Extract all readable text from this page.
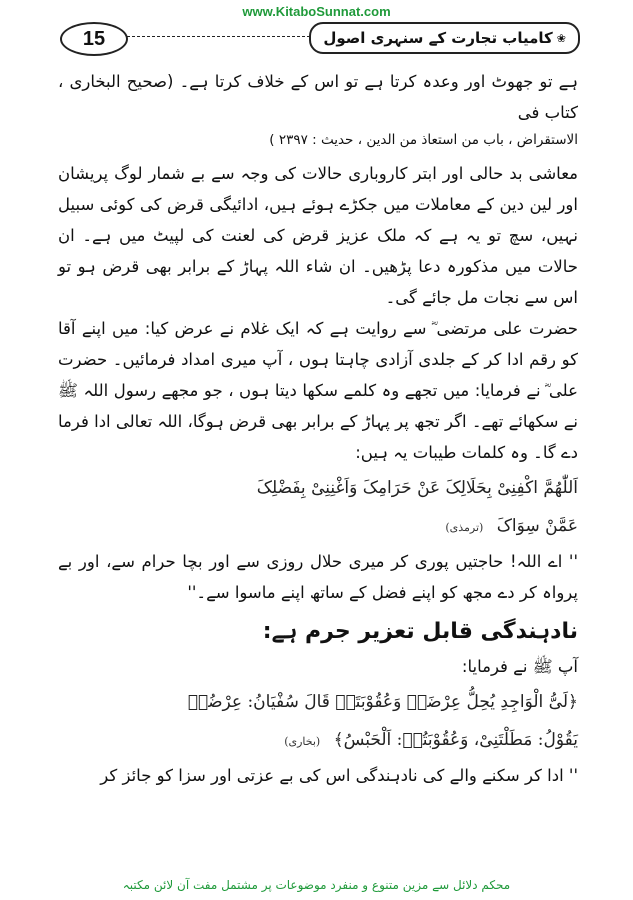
www.KitaboSunnat.com
15	❀
کامیاب تجارت کے سنہری اصول

ہے تو جھوٹ اور وعدہ کرتا ہے تو اس کے خلاف کرتا ہے۔ (صحیح البخاری ، کتاب فی

الاستقراض ، باب من استعاذ من الدین ، حدیث : ۲۳۹۷ )

معاشی بد حالی اور ابتر کاروباری حالات کی وجہ سے بے شمار لوگ پریشان اور لین دین کے معاملات میں جکڑے ہوئے ہیں، ادائیگی قرض کی کوئی سبیل نہیں، سچ تو یہ ہے کہ ملک عزیز قرض کی لعنت کی لپیٹ میں ہے۔ ان حالات میں مذکورہ دعا پڑھیں۔ ان شاء اللہ پہاڑ کے برابر بھی قرض ہو تو اس سے نجات مل جائے گی۔

حضرت علی مرتضی ؓ سے روایت ہے کہ ایک غلام نے عرض کیا: میں اپنے آقا کو رقم ادا کر کے جلدی آزادی چاہتا ہوں ، آپ میری امداد فرمائیں۔ حضرت علی ؓ نے فرمایا: میں تجھے وہ کلمے سکھا دیتا ہوں ، جو مجھے رسول اللہ ﷺ نے سکھائے تھے۔ اگر تجھ پر پہاڑ کے برابر بھی قرض ہوگا، اللہ تعالی ادا فرما دے گا۔ وہ کلمات طیبات یہ ہیں:

اَللّٰھُمَّ اکْفِنِیْ بِحَلَالِکَ عَنْ حَرَامِکَ وَاَغْنِنِیْ بِفَضْلِکَ

عَمَّنْ سِوَاکَ (ترمذی)

'' اے اللہ! حاجتیں پوری کر میری حلال روزی سے اور بچا حرام سے، اور بے پرواہ کر دے مجھ کو اپنے فضل کے ساتھ اپنے ماسوا سے۔''

نادہندگی قابل تعزیر جرم ہے:

آپ ﷺ نے فرمایا:

﴿لَیُّ الْوَاجِدِ یُحِلُّ عِرْضَہٗ وَعُقُوْبَتَہٗ قَالَ سُفْیَانُ: عِرْضُہٗ

یَقُوْلُ: مَطَلْتَنِیْ، وَعُقُوْبَتُہٗ: اَلْحَبْسُ﴾ (بخاری)

'' ادا کر سکنے والے کی نادہندگی اس کی بے عزتی اور سزا کو جائز کر

محکم دلائل سے مزین متنوع و منفرد موضوعات پر مشتمل مفت آن لائن مکتبہ
